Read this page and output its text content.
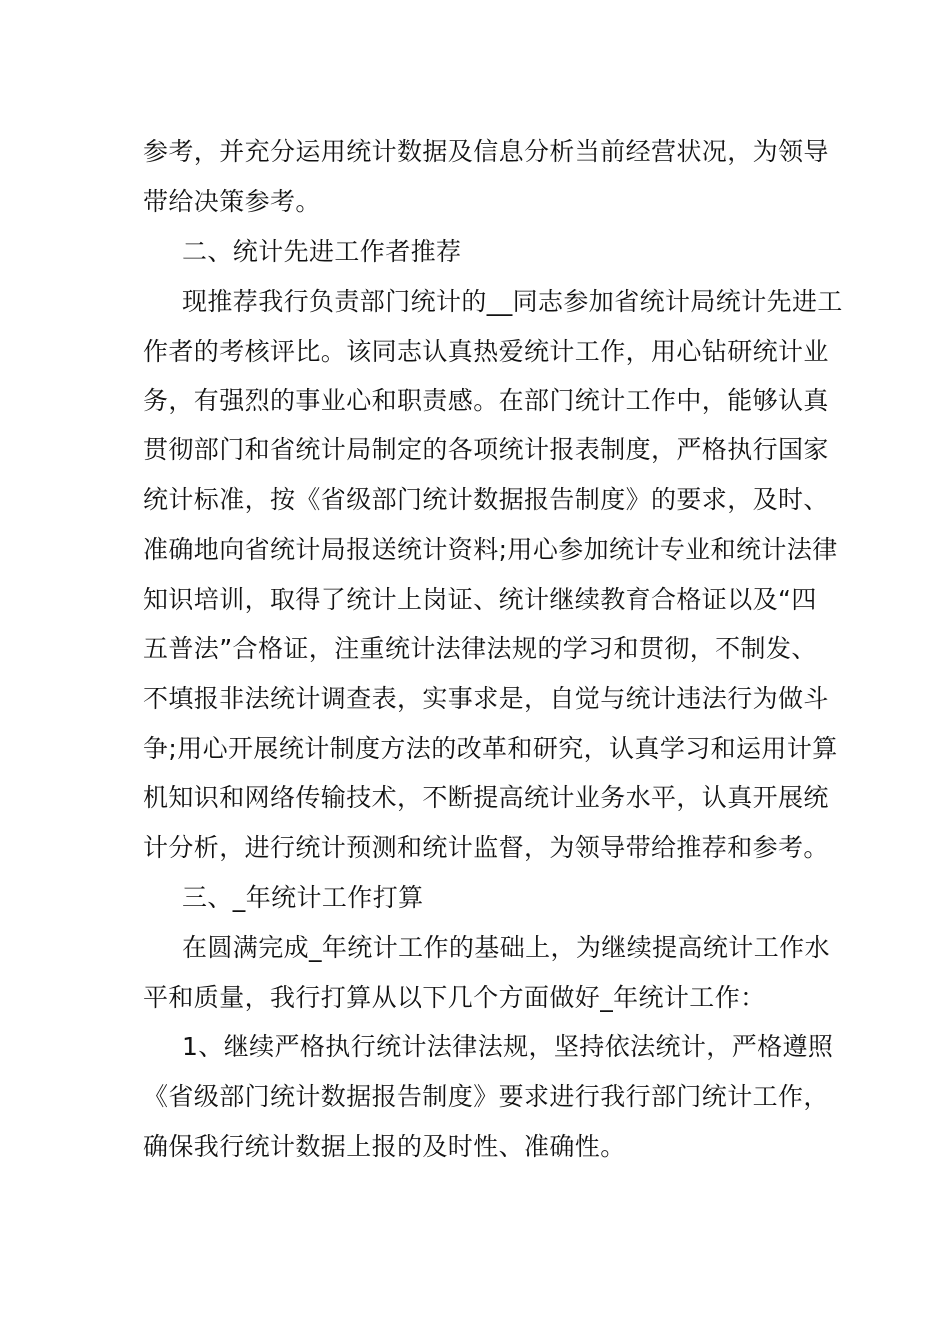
参考，并充分运用统计数据及信息分析当前经营状况，为领导
带给决策参考。
二、统计先进工作者推荐
现推荐我行负责部门统计的__同志参加省统计局统计先进工
作者的考核评比。该同志认真热爱统计工作，用心钻研统计业
务，有强烈的事业心和职责感。在部门统计工作中，能够认真
贯彻部门和省统计局制定的各项统计报表制度，严格执行国家
统计标准，按《省级部门统计数据报告制度》的要求，及时、
准确地向省统计局报送统计资料;用心参加统计专业和统计法律
知识培训，取得了统计上岗证、统计继续教育合格证以及“四
五普法”合格证，注重统计法律法规的学习和贯彻，不制发、
不填报非法统计调查表，实事求是，自觉与统计违法行为做斗
争;用心开展统计制度方法的改革和研究，认真学习和运用计算
机知识和网络传输技术，不断提高统计业务水平，认真开展统
计分析，进行统计预测和统计监督，为领导带给推荐和参考。
三、_年统计工作打算
在圆满完成_年统计工作的基础上，为继续提高统计工作水
平和质量，我行打算从以下几个方面做好_年统计工作：
1、继续严格执行统计法律法规，坚持依法统计，严格遵照
《省级部门统计数据报告制度》要求进行我行部门统计工作，
确保我行统计数据上报的及时性、准确性。
